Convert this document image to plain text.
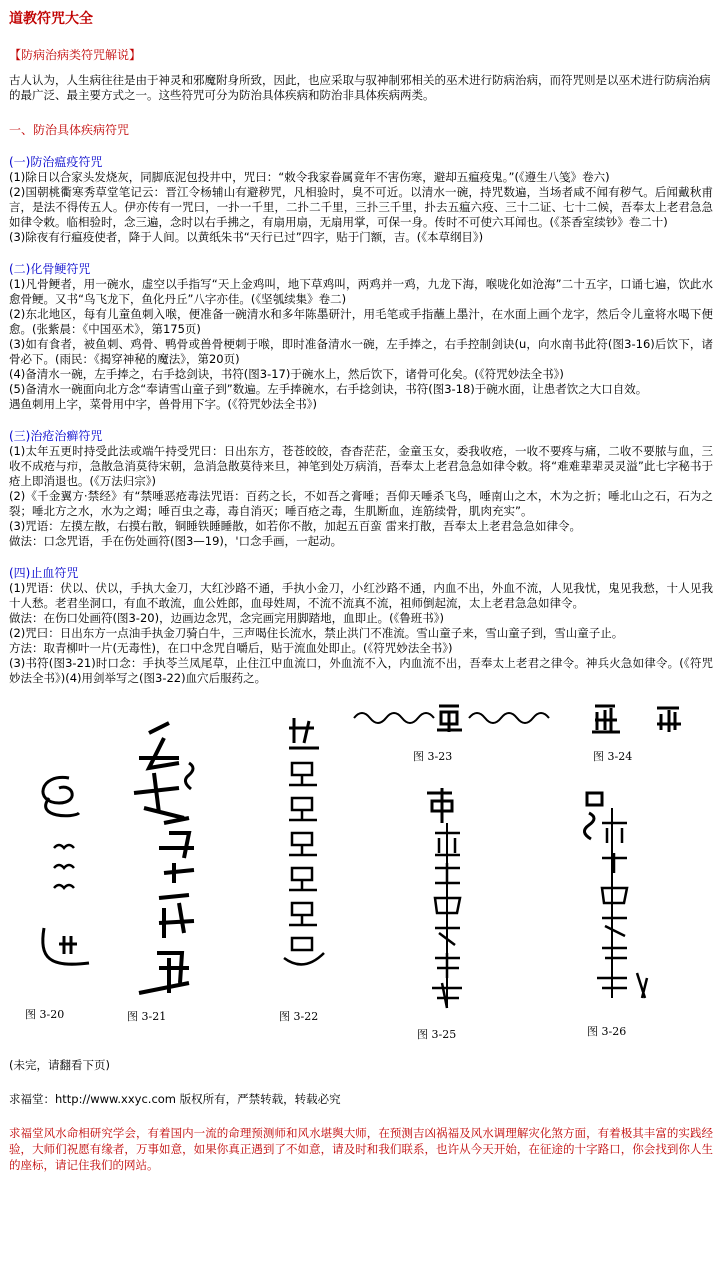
道教符咒大全
【防病治病类符咒解说】

古人认为，人生病往往是由于神灵和邪魔附身所致，因此，也应采取与驭神制邪相关的巫术进行防病治病，而符咒则是以巫术进行防病治病的最广泛、最主要方式之一。这些符咒可分为防治具体疾病和防治非具体疾病两类。

一、防治具体疾病符咒
(一)防治瘟疫符咒

(1)除日以合家头发烧灰，同脚底泥包投井中，咒曰：“敕令我家眷属竟年不害伤寒，避却五瘟疫鬼。”(《遵生八笺》卷六)

(2)国朝桃衢寒秀草堂笔记云：晋江令杨辅山有避秽咒，凡相验时，臭不可近。以清水一碗，持咒数遍，当场者咸不闻有秽气。后闻戴秋甫言，是法不得传五人。伊亦传有一咒曰，一扑一千里，二扑二千里，三扑三千里，扑去五瘟六疫、三十二证、七十二候，吾奉太上老君急急如律令敕。临相验时，念三遍，念时以右手拂之，有扇用扇，无扇用掌，可保一身。传时不可使六耳闻也。(《茶香室续钞》卷二十)

(3)除夜有行瘟疫使者，降于人间。以黄纸朱书“天行已过”四字，贴于门额，吉。(《本草纲目》)

(二)化骨鲠符咒

(1)凡骨鲠者，用一碗水，虚空以手指写“天上金鸡叫，地下草鸡叫，两鸡并一鸡，九龙下海，喉咙化如沧海”二十五字，口诵七遍，饮此水愈骨鲠。又书“鸟飞龙下，鱼化丹丘”八字亦佳。(《坚瓠续集》卷二)

(2)东北地区，每有儿童鱼刺入喉，便准备一碗清水和多年陈墨研汁，用毛笔或手指蘸上墨汁，在水面上画个龙字，然后令儿童将水喝下便愈。(张紫晨：《中国巫术》，第175页)

(3)如有食者，被鱼刺、鸡骨、鸭骨或兽骨梗刺于喉，即时准备清水一碗，左手捧之，右手控制剑诀(u，向水南书此符(图3-16)后饮下，诸骨必下。(雨民：《揭穿神秘的魔法》，第20页)

(4)备清水一碗，左手捧之，右手捻剑诀，书符(图3-17)于碗水上，然后饮下，诸骨可化矣。(《符咒妙法全书》)

(5)备清水一碗面向北方念“奉请雪山童子到”数遍。左手捧碗水，右手捻剑诀，书符(图3-18)于碗水面，让患者饮之大口自效。

遇鱼刺用上字，菜骨用中字，兽骨用下字。(《符咒妙法全书》)

(三)治疮治癣符咒

(1)太年五更时持受此法或端午持受咒曰：日出东方，苍苍皎皎，杳杳茫茫，金童玉女，委我收疮，一收不要疼与痛，二收不要脓与血，三收不成疮与疖，急散急消莫待宋朝，急消急散莫待来旦，神笔到处万病消，吾奉太上老君急急如律令敕。将“难难辈辈灵灵溢”此七字秘书于疮上即消退也。(《万法归宗》)

(2)《千金翼方·禁经》有“禁唾恶疮毒法咒语：百药之长，不如吾之膏唾；吾仰天唾杀飞鸟，唾南山之木，木为之折；唾北山之石，石为之裂；唾北方之水，水为之竭；唾百虫之毒，毒自消灭；唾百疮之毒，生肌断血，连筋续骨，肌肉充实”。

(3)咒语：左摸左散，右摸右散，铜睡铁睡睡散，如若你不散，加起五百蛮 雷来打散，吾奉太上老君急急如律令。

做法：口念咒语，手在伤处画符(图3—19)，'口念手画，一起动。

(四)止血符咒

(1)咒语：伏以、伏以，手执大金刀，大红沙路不通，手执小金刀，小红沙路不通，内血不出，外血不流，人见我忧，鬼见我愁，十人见我十人愁。老君坐洞口，有血不敢流，血公姓郎，血母姓周，不流不流真不流，祖师倒起流，太上老君急急如律令。

做法：在伤口处画符(图3-20)，边画边念咒，念完画完用脚踏地，血即止。(《鲁班书》)

(2)咒曰：日出东方一点油手执金刀骑白牛，三声喝住长流水，禁止洪门不准流。雪山童子来，雪山童子到，雪山童子止。

方法：取青柳叶一片(无毒性)，在口中念咒自嚼后，贴于流血处即止。(《符咒妙法全书》)

(3)书符(图3-21)时口念：手执苓兰凤尾草，止住江中血流口，外血流不入，内血流不出，吾奉太上老君之律令。神兵火急如律令。(《符咒妙法全书》)(4)用剑举写之(图3-22)血穴后服药之。

图 3-20	图 3-21	图 3-22
图 3-23	图 3-24
图 3-25	图 3-26
(未完，请翻看下页)
求福堂：http://www.xxyc.com 版权所有，严禁转载，转载必究

求福堂风水命相研究学会，有着国内一流的命理预测师和风水堪舆大师，在预测吉凶祸福及风水调理解灾化煞方面，有着极其丰富的实践经验，大师们祝愿有缘者，万事如意，如果你真正遇到了不如意，请及时和我们联系，也许从今天开始，在征途的十字路口，你会找到你人生的座标，请记住我们的网站。
